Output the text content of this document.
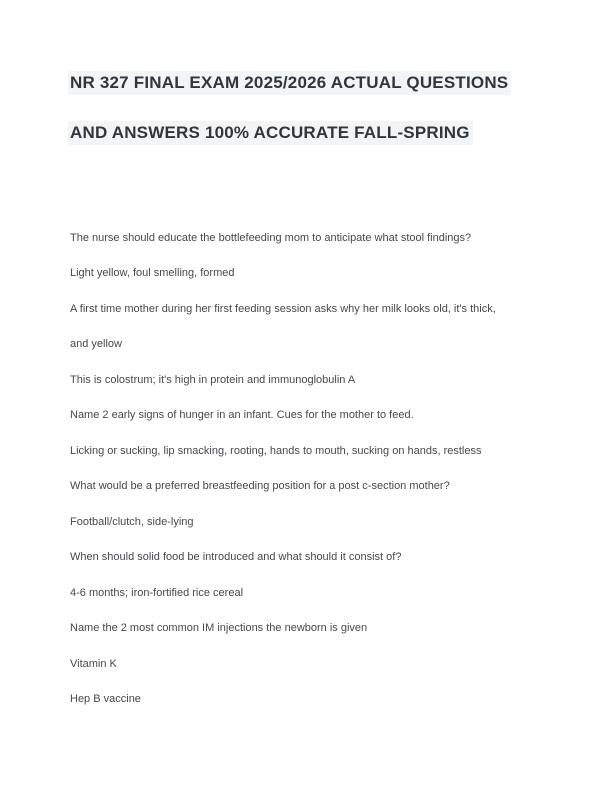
NR 327 FINAL EXAM 2025/2026 ACTUAL QUESTIONS
AND ANSWERS 100% ACCURATE FALL-SPRING
The nurse should educate the bottlefeeding mom to anticipate what stool findings?
Light yellow, foul smelling, formed
A first time mother during her first feeding session asks why her milk looks old, it's thick,
and yellow
This is colostrum; it's high in protein and immunoglobulin A
Name 2 early signs of hunger in an infant. Cues for the mother to feed.
Licking or sucking, lip smacking, rooting, hands to mouth, sucking on hands, restless
What would be a preferred breastfeeding position for a post c-section mother?
Football/clutch, side-lying
When should solid food be introduced and what should it consist of?
4-6 months; iron-fortified rice cereal
Name the 2 most common IM injections the newborn is given
Vitamin K
Hep B vaccine
